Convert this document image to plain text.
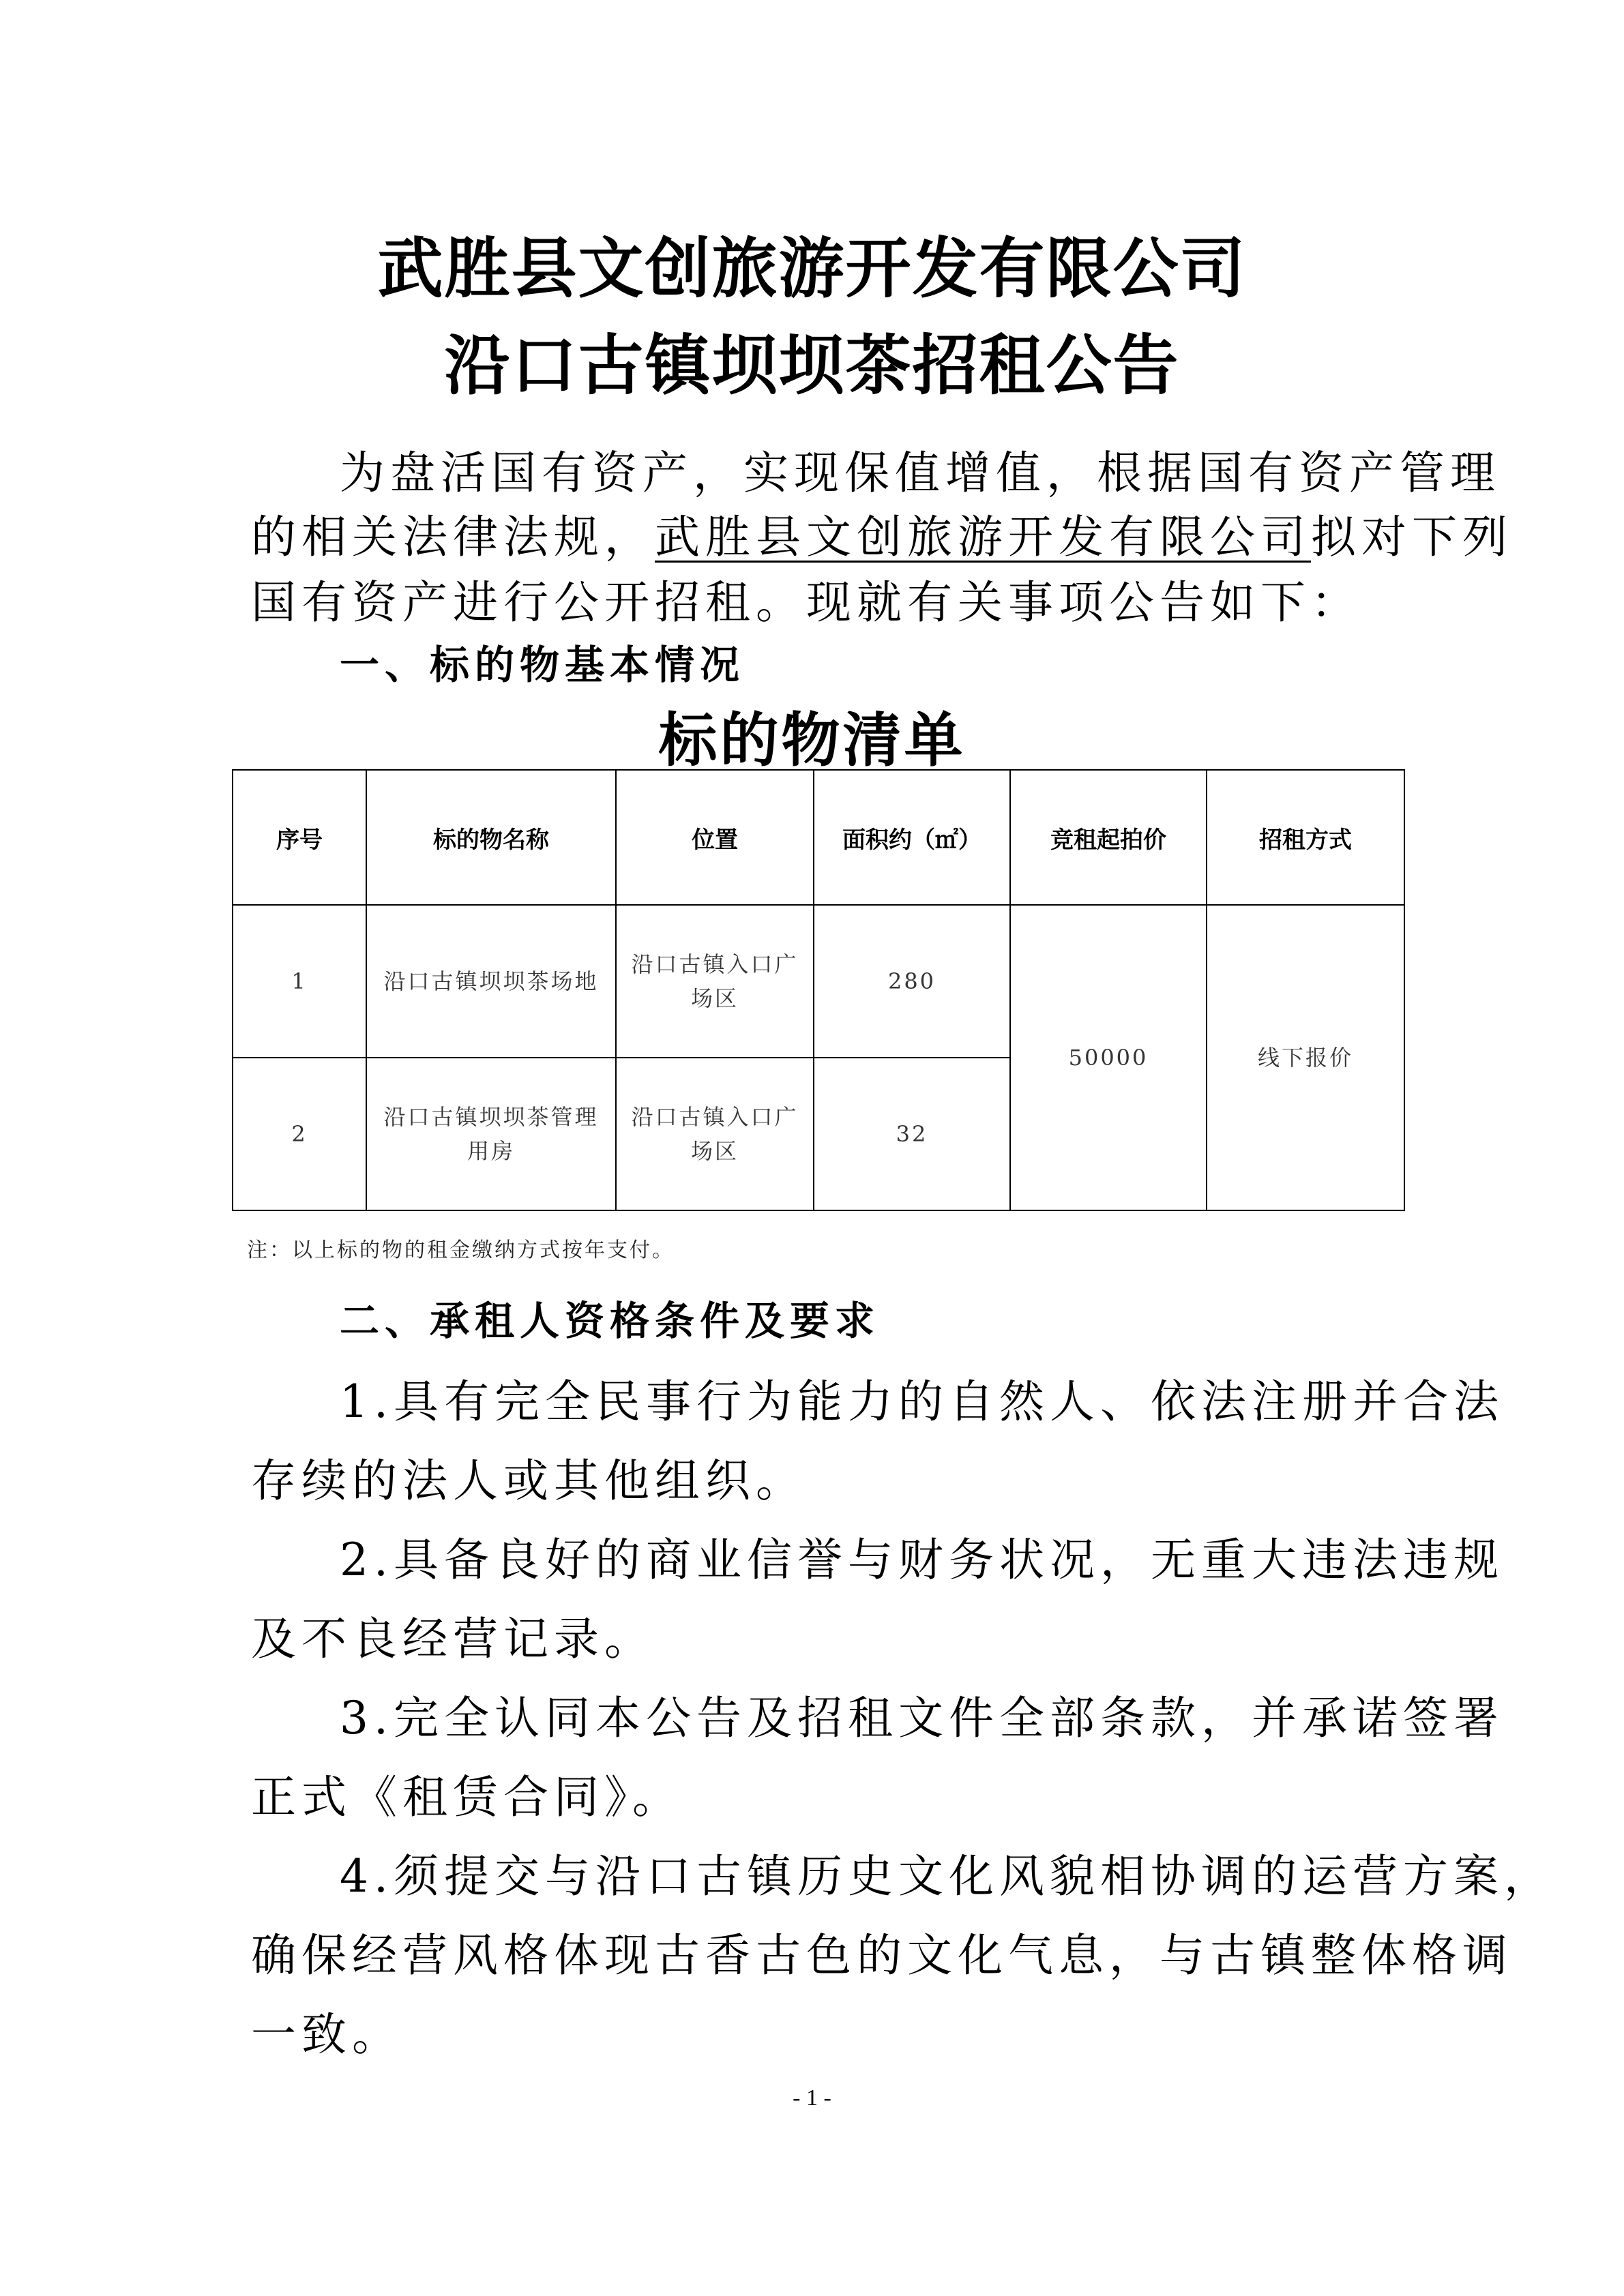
武胜县文创旅游开发有限公司
沿口古镇坝坝茶招租公告
为盘活国有资产，实现保值增值，根据国有资产管理
的相关法律法规，武胜县文创旅游开发有限公司拟对下列
国有资产进行公开招租。现就有关事项公告如下：
一、标的物基本情况
标的物清单
序号	标的物名称	位置	面积约（㎡）	竞租起拍价	招租方式
1	沿口古镇坝坝茶场地	沿口古镇入口广场区	280	50000	线下报价
2	沿口古镇坝坝茶管理用房	沿口古镇入口广场区	32		
注：以上标的物的租金缴纳方式按年支付。
二、承租人资格条件及要求
1.具有完全民事行为能力的自然人、依法注册并合法
存续的法人或其他组织。
2.具备良好的商业信誉与财务状况，无重大违法违规
及不良经营记录。
3.完全认同本公告及招租文件全部条款，并承诺签署
正式《租赁合同》。
4.须提交与沿口古镇历史文化风貌相协调的运营方案，
确保经营风格体现古香古色的文化气息，与古镇整体格调
一致。
- 1 -
